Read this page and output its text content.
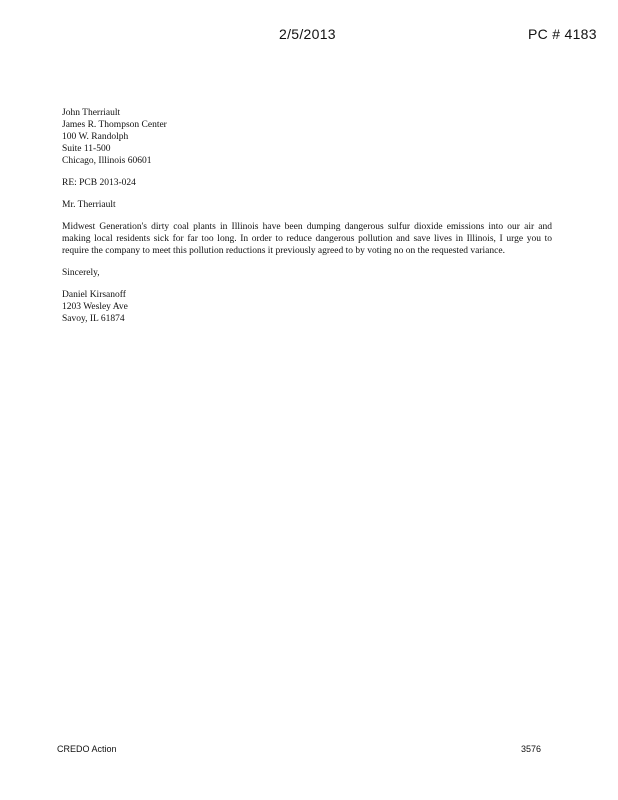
2/5/2013	PC # 4183
John Therriault
James R. Thompson Center
100 W. Randolph
Suite 11-500
Chicago, Illinois 60601
RE: PCB 2013-024
Mr. Therriault
Midwest Generation's dirty coal plants in Illinois have been dumping dangerous sulfur dioxide emissions into our air and making local residents sick for far too long. In order to reduce dangerous pollution and save lives in Illinois, I urge you to require the company to meet this pollution reductions it previously agreed to by voting no on the requested variance.
Sincerely,
Daniel Kirsanoff
1203 Wesley Ave
Savoy, IL 61874
CREDO Action	3576
